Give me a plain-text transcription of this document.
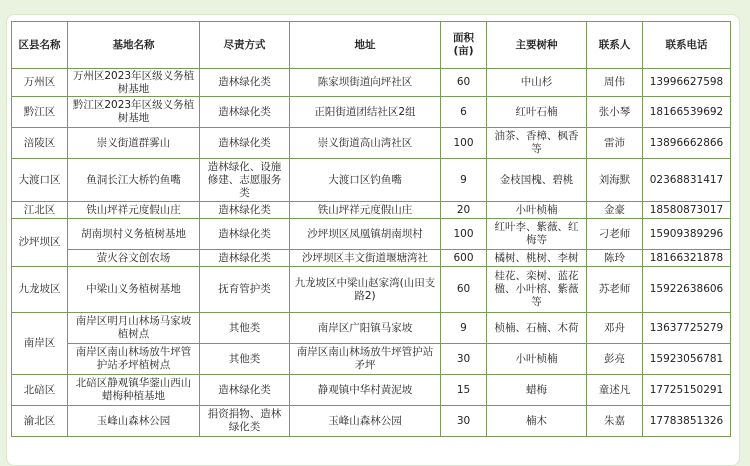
区县名称	基地名称	尽责方式	地址	面积(亩)	主要树种	联系人	联系电话
万州区	万州区2023年区级义务植树基地	造林绿化类	陈家坝街道向坪社区	60	中山杉	周伟	13996627598
黔江区	黔江区2023年区级义务植树基地	造林绿化类	正阳街道团结社区2组	6	红叶石楠	张小琴	18166539692
涪陵区	崇义街道群雾山	造林绿化类	崇义街道高山湾社区	100	油茶、香樟、枫香等	雷沛	13896662866
大渡口区	鱼洞长江大桥钓鱼嘴	造林绿化、设施修建、志愿服务类	大渡口区钓鱼嘴	9	金枝国槐、碧桃	刘海默	02368831417
江北区	铁山坪祥元度假山庄	造林绿化类	铁山坪祥元度假山庄	20	小叶桢楠	金豪	18580873017
沙坪坝区	胡南坝村义务植树基地	造林绿化类	沙坪坝区凤凰镇胡南坝村	100	红叶李、紫薇、红梅等	刁老师	15909389296
	萤火谷文创农场	造林绿化类	沙坪坝区丰文街道堰塘湾社	600	橘树、桃树、李树	陈玲	18166321878
九龙坡区	中梁山义务植树基地	抚育管护类	九龙坡区中梁山赵家湾(山田支路2)	60	桂花、栾树、蓝花楹、小叶榕、紫薇等	苏老师	15922638606
南岸区	南岸区明月山林场马家坡植树点	其他类	南岸区广阳镇马家坡	9	桢楠、石楠、木荷	邓舟	13637725279
	南岸区南山林场放牛坪管护站矛坪植树点	其他类	南岸区南山林场放牛坪管护站矛坪	30	小叶桢楠	彭亮	15923056781
北碚区	北碚区静观镇华蓥山西山蜡梅种植基地	造林绿化类	静观镇中华村黄泥坡	15	蜡梅	童述凡	17725150291
渝北区	玉峰山森林公园	捐资捐物、造林绿化类	玉峰山森林公园	30	楠木	朱嘉	17783851326
